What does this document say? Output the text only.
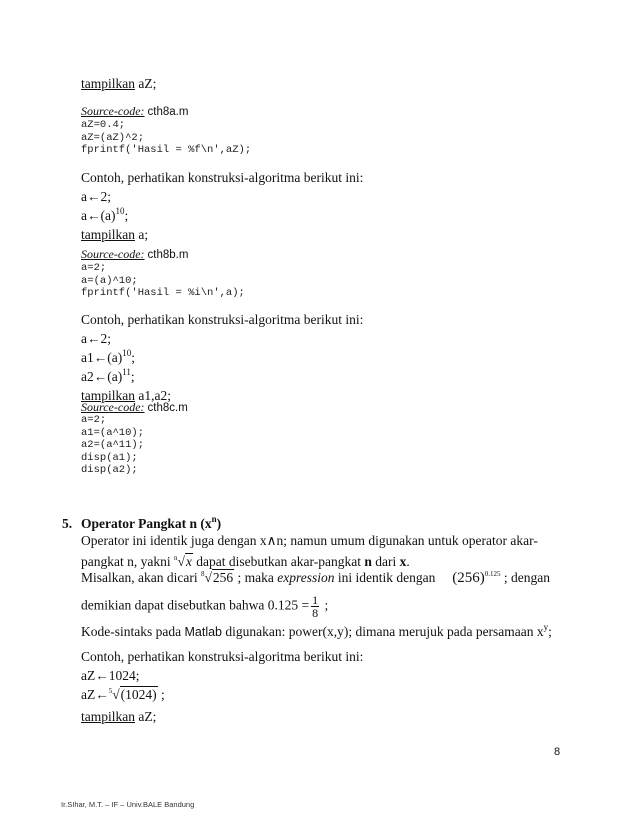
tampilkan aZ;
Source-code: cth8a.m
aZ=0.4;
aZ=(aZ)^2;
fprintf('Hasil = %f\n',aZ);
Contoh, perhatikan konstruksi-algoritma berikut ini:
a←2;
$a\leftarrow(a)^{10}$;
tampilkan a;
Source-code: cth8b.m
a=2;
a=(a)^10;
fprintf('Hasil = %i\n',a);
Contoh, perhatikan konstruksi-algoritma berikut ini:
a←2;
$a1\leftarrow(a)^{10}$;
$a2\leftarrow(a)^{11}$;
tampilkan a1,a2;
Source-code: cth8c.m
a=2;
a1=(a^10);
a2=(a^11);
disp(a1);
disp(a2);
5. Operator Pangkat n $(x^n)$
Operator ini identik juga dengan x∧n; namun umum digunakan untuk operator akar-
pangkat n, yakni $^n$√x dapat disebutkan akar-pangkat n dari x.
Misalkan, akan dicari $^8$√256 ; maka expression ini identik dengan     $(256)^{0.125}$ ; dengan
demikian dapat disebutkan bahwa $0.125 = \frac{1}{8}$ ;
Kode-sintaks pada Matlab digunakan: power(x,y); dimana merujuk pada persamaan $x^y$;
Contoh, perhatikan konstruksi-algoritma berikut ini:
aZ←1024;
aZ←$^5$√(1024) ;
tampilkan aZ;
8
Ir.SIhar, M.T. – IF – Univ.BALE Bandung
